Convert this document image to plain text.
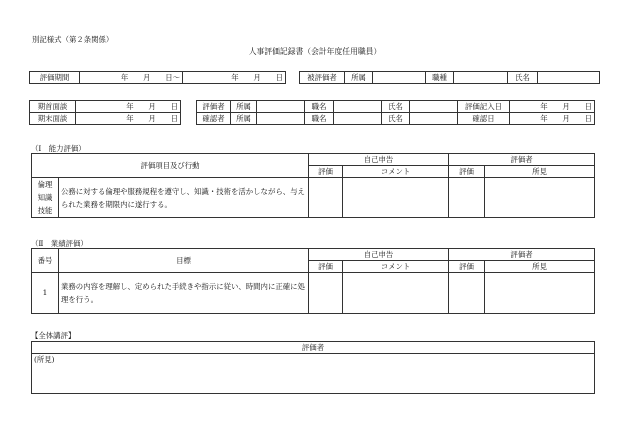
別記様式（第２条関係）
人事評価記録書（会計年度任用職員）
評価期間	年　　月　　日〜	年　　月　　日	被評価者	所属		職種		氏名	
期首面談	年　　月　　日
期末面談	年　　月　　日
評価者	所属		職名		氏名		評価記入日	年　　月　　日
確認者	所属		職名		氏名		確認日	年　　月　　日
（Ⅰ　能力評価）
評価項目及び行動		自己申告		評価者	
		評価	コメント	評価	所見
倫理知識技能	公務に対する倫理や服務規程を遵守し、知識・技術を活かしながら、与えられた業務を期限内に遂行する。				
（Ⅱ　業績評価）
番号	目標	自己申告		評価者	
		評価	コメント	評価	所見
1	業務の内容を理解し、定められた手続きや指示に従い、時間内に正確に処理を行う。				
【全体講評】
評価者
(所見)
